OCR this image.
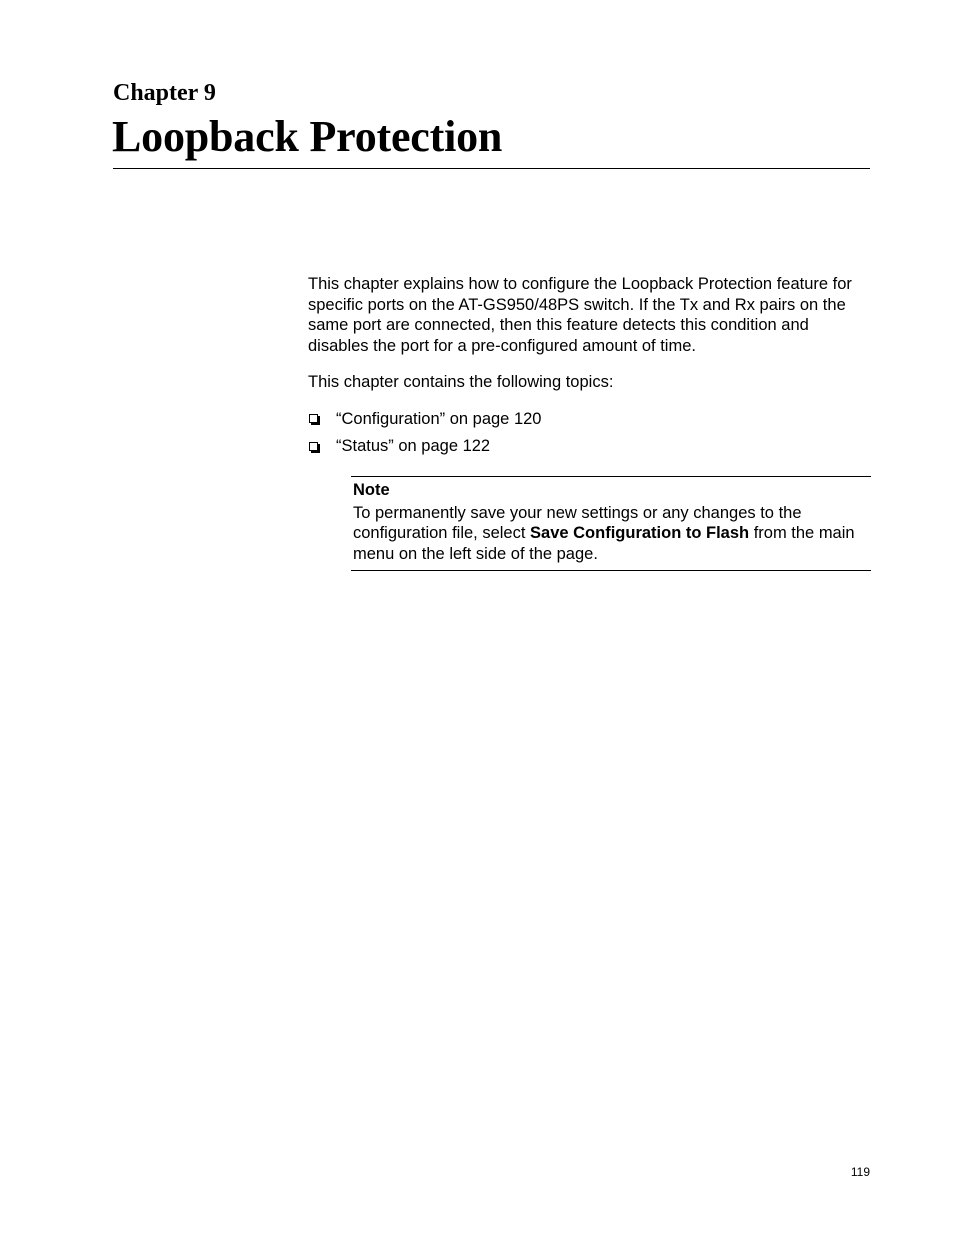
Chapter 9
Loopback Protection

This chapter explains how to configure the Loopback Protection feature for specific ports on the AT-GS950/48PS switch. If the Tx and Rx pairs on the same port are connected, then this feature detects this condition and disables the port for a pre-configured amount of time.

This chapter contains the following topics:

“Configuration” on page 120
“Status” on page 122

Note

To permanently save your new settings or any changes to the configuration file, select Save Configuration to Flash from the main menu on the left side of the page.

119
